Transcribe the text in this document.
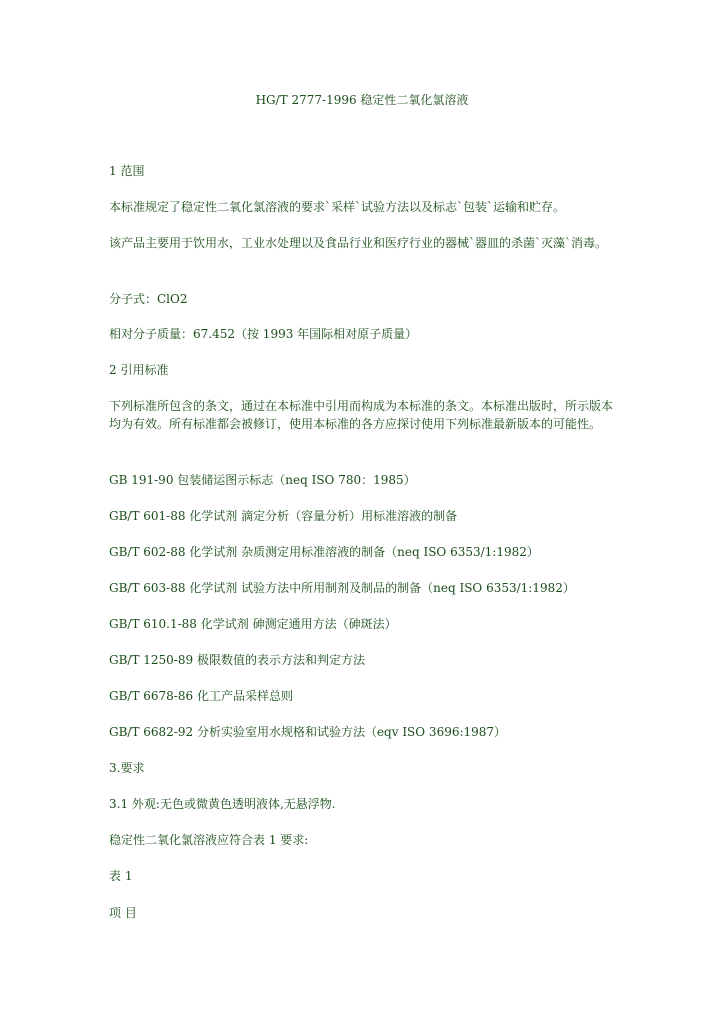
HG/T 2777-1996 稳定性二氧化氯溶液

1 范围

本标准规定了稳定性二氧化氯溶液的要求`采样`试验方法以及标志`包装`运输和贮存。

该产品主要用于饮用水，工业水处理以及食品行业和医疗行业的器械`器皿的杀菌`灭藻`消毒。

分子式：ClO2

相对分子质量：67.452（按 1993 年国际相对原子质量）

2 引用标准

下列标准所包含的条文，通过在本标准中引用而构成为本标准的条文。本标准出版时，所示版本均为有效。所有标准都会被修订，使用本标准的各方应探讨使用下列标准最新版本的可能性。

GB 191-90 包装储运图示标志（neq ISO 780：1985）

GB/T 601-88 化学试剂 滴定分析（容量分析）用标准溶液的制备

GB/T 602-88 化学试剂 杂质测定用标准溶液的制备（neq ISO 6353/1:1982）

GB/T 603-88 化学试剂 试验方法中所用制剂及制品的制备（neq ISO 6353/1:1982）

GB/T 610.1-88 化学试剂 砷测定通用方法（砷斑法）

GB/T 1250-89 极限数值的表示方法和判定方法

GB/T 6678-86 化工产品采样总则

GB/T 6682-92 分析实验室用水规格和试验方法（eqv ISO 3696:1987）

3.要求

3.1 外观:无色或微黄色透明液体,无悬浮物.

稳定性二氧化氯溶液应符合表 1 要求:

表 1

项 目
